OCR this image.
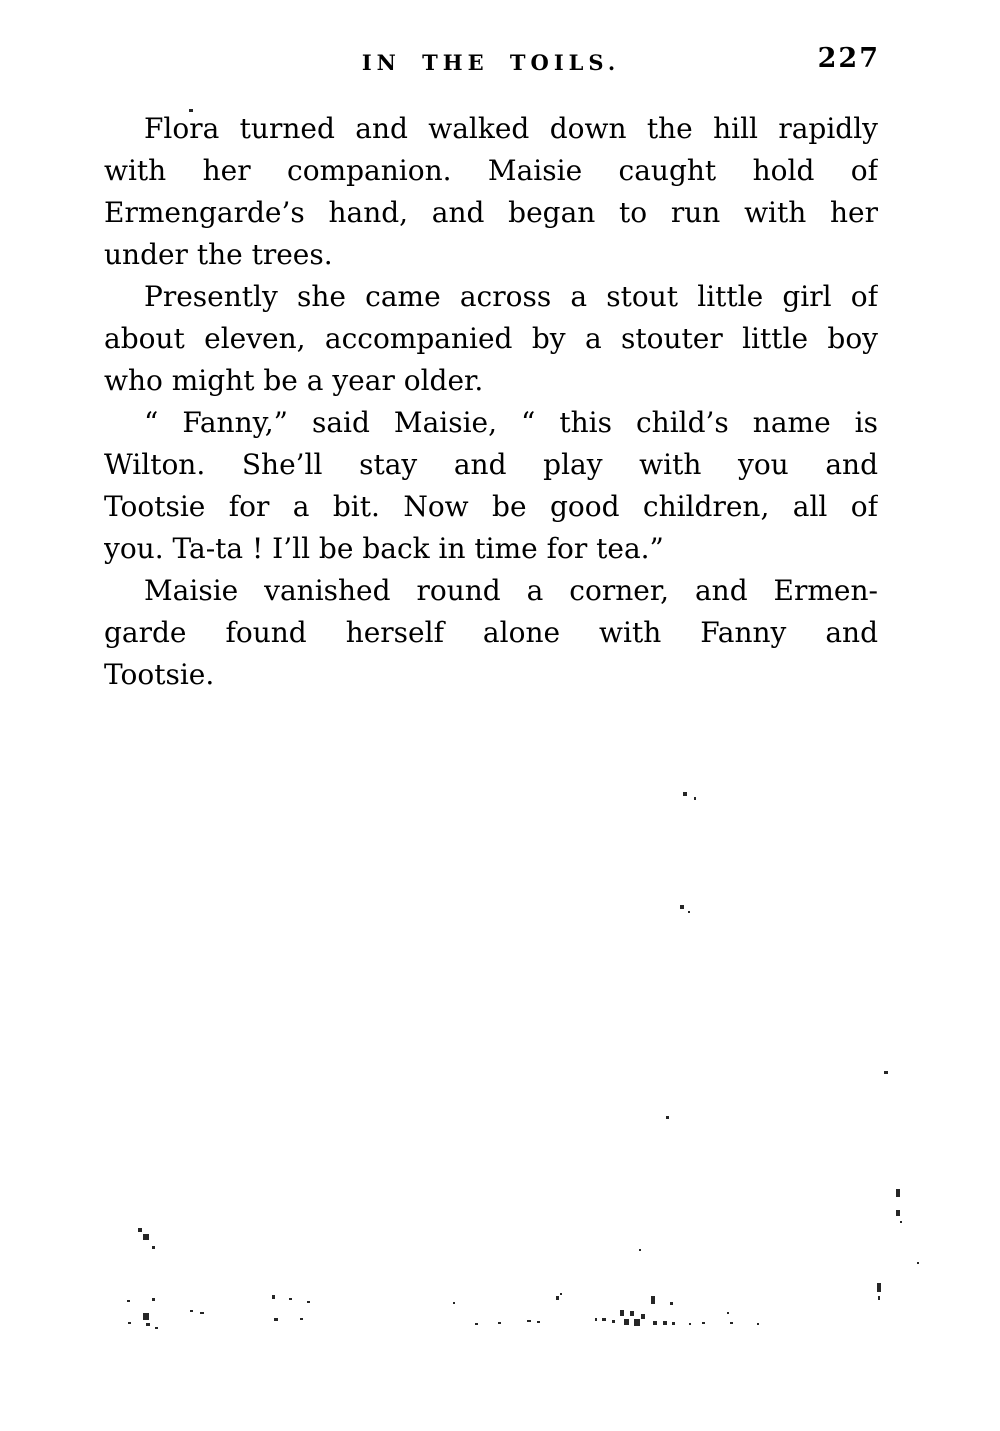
IN THE TOILS.	227
Flora turned and walked down the hill rapidly
with her companion. Maisie caught hold of
Ermengarde’s hand, and began to run with her
under the trees.
Presently she came across a stout little girl of
about eleven, accompanied by a stouter little boy
who might be a year older.
“ Fanny,” said Maisie, “ this child’s name is
Wilton. She’ll stay and play with you and
Tootsie for a bit. Now be good children, all of
you. Ta-ta ! I’ll be back in time for tea.”
Maisie vanished round a corner, and Ermen-
garde found herself alone with Fanny and
Tootsie.
